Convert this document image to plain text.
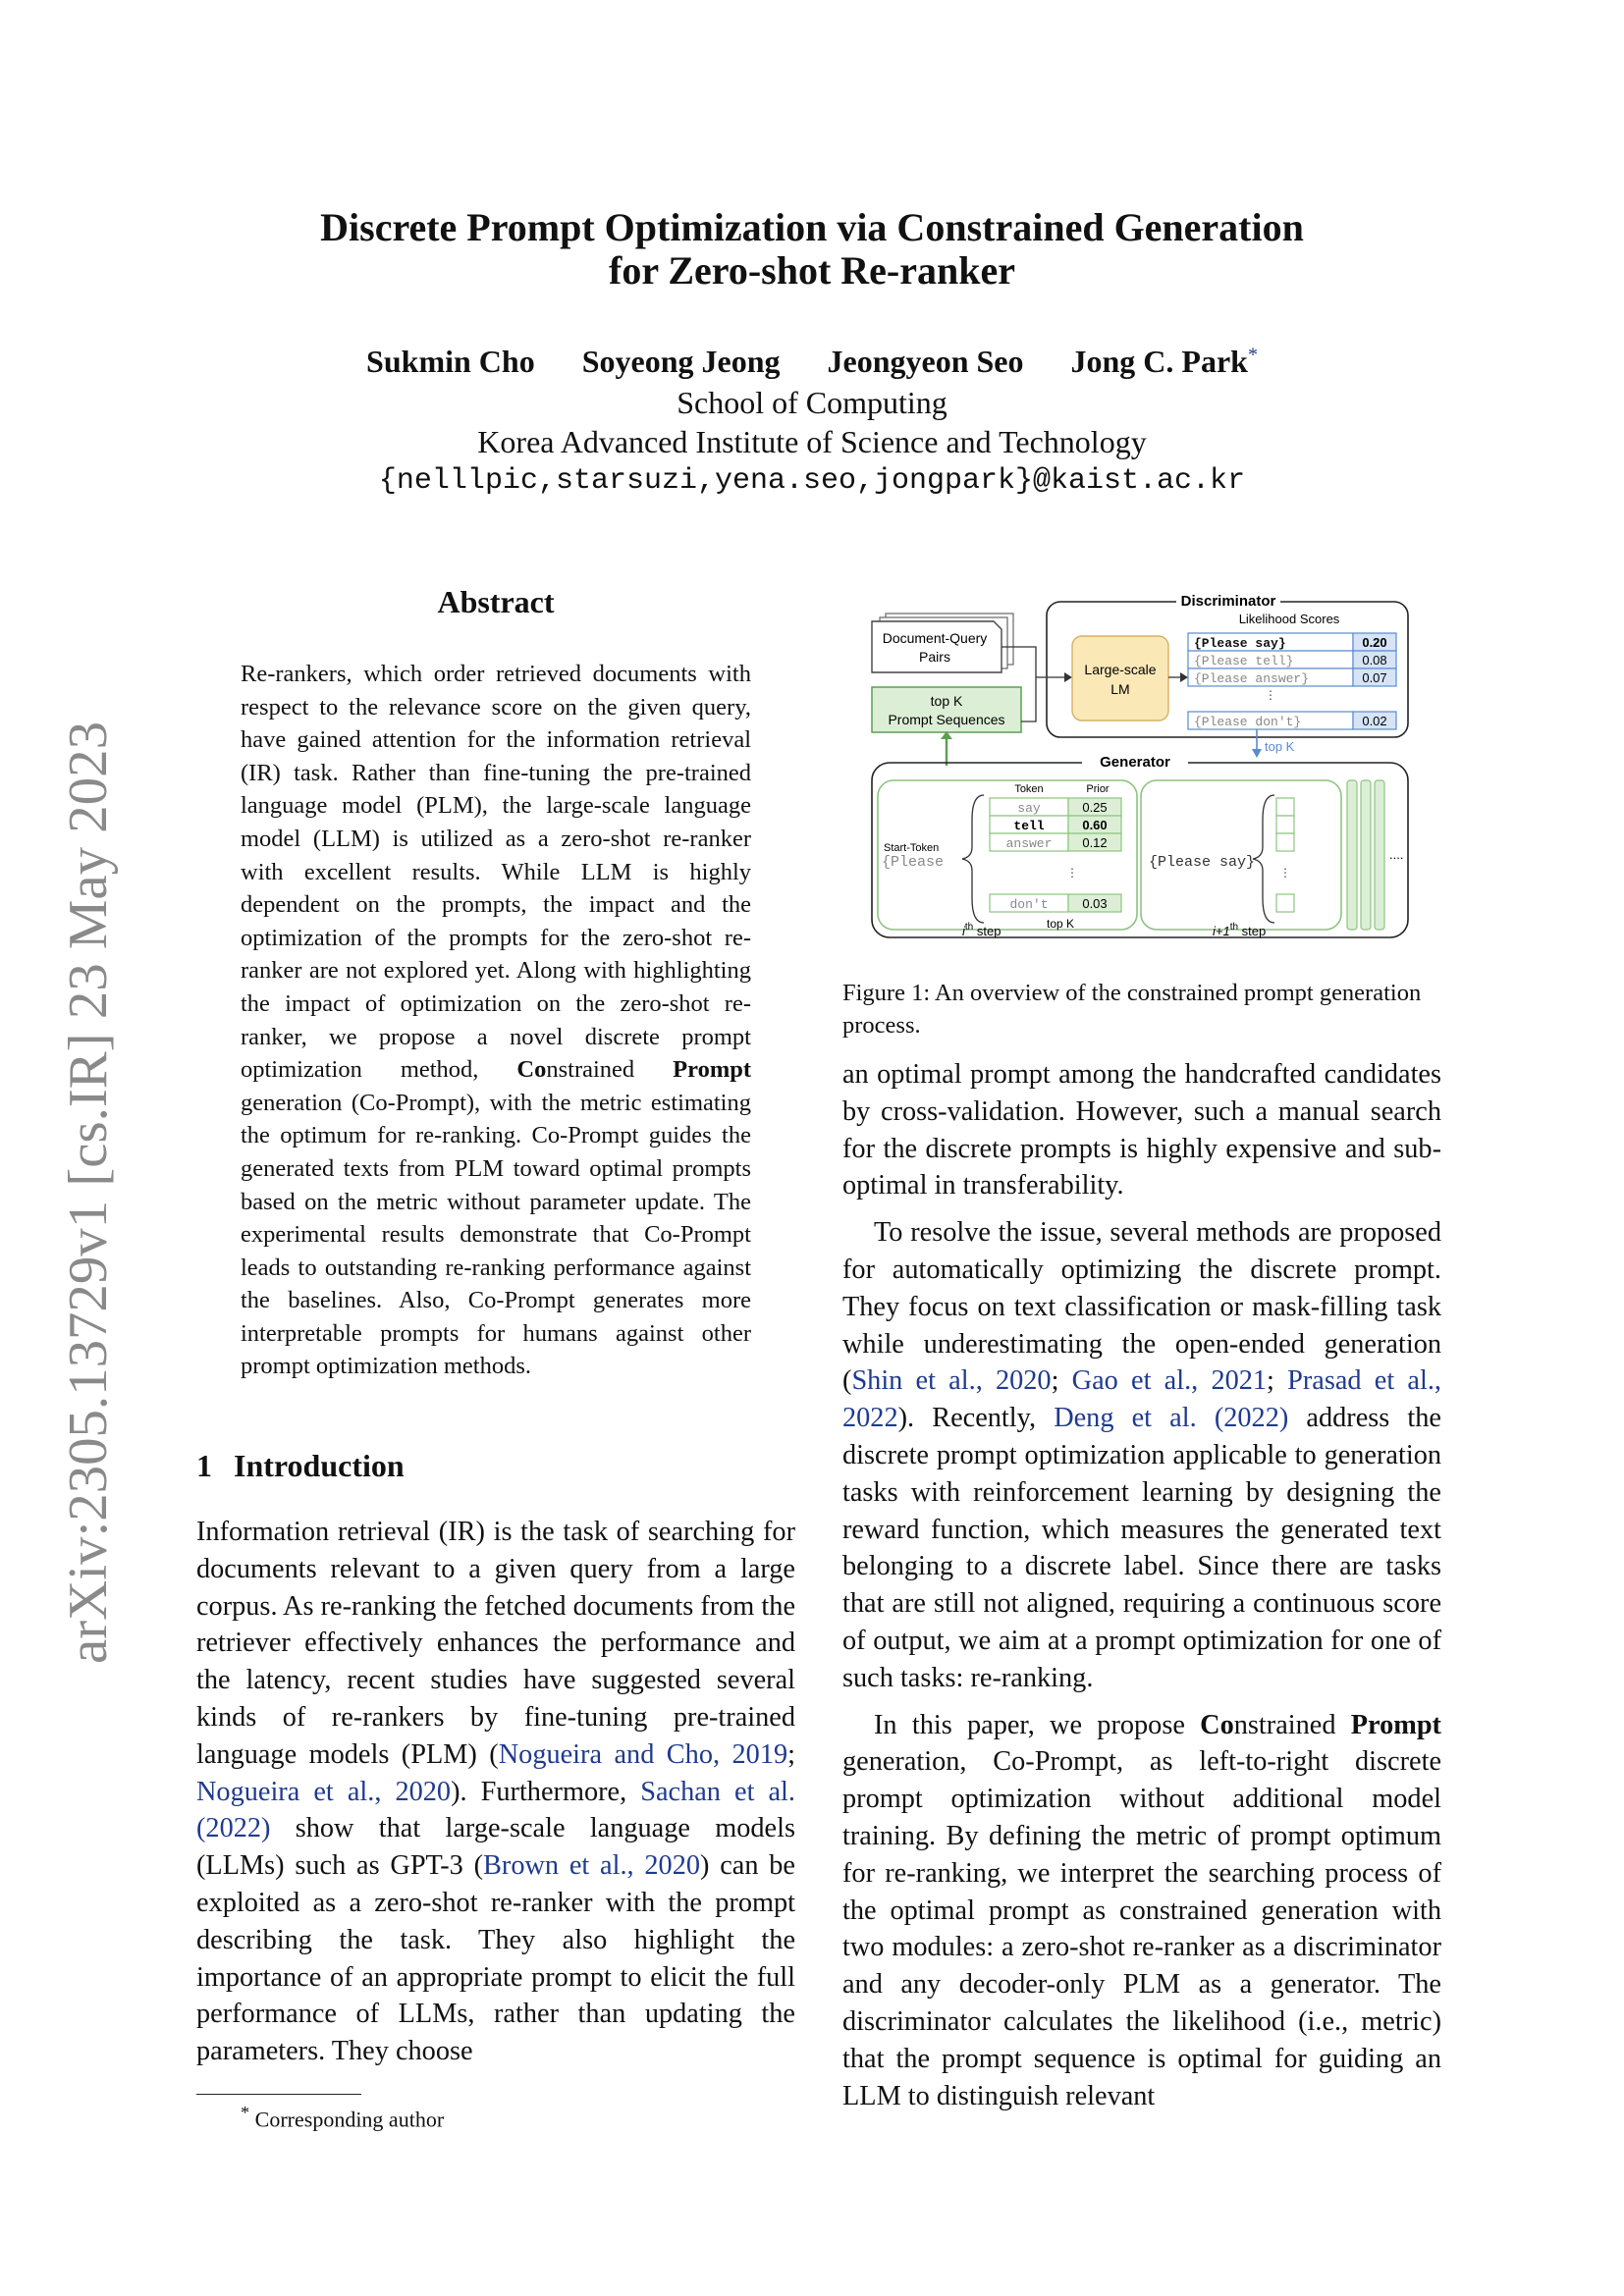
arXiv:2305.13729v1 [cs.IR] 23 May 2023
Discrete Prompt Optimization via Constrained Generation
for Zero-shot Re-ranker
Sukmin Cho Soyeong Jeong Jeongyeon Seo Jong C. Park*
School of Computing
Korea Advanced Institute of Science and Technology
{nelllpic,starsuzi,yena.seo,jongpark}@kaist.ac.kr
Abstract
Re-rankers, which order retrieved documents with respect to the relevance score on the given query, have gained attention for the information retrieval (IR) task. Rather than fine-tuning the pre-trained language model (PLM), the large-scale language model (LLM) is utilized as a zero-shot re-ranker with excellent results. While LLM is highly dependent on the prompts, the impact and the optimization of the prompts for the zero-shot re-ranker are not explored yet. Along with highlighting the impact of optimization on the zero-shot re-ranker, we propose a novel discrete prompt optimization method, Constrained Prompt generation (Co-Prompt), with the metric estimating the optimum for re-ranking. Co-Prompt guides the generated texts from PLM toward optimal prompts based on the metric without parameter update. The experimental results demonstrate that Co-Prompt leads to outstanding re-ranking performance against the baselines. Also, Co-Prompt generates more interpretable prompts for humans against other prompt optimization methods.
1 Introduction

Information retrieval (IR) is the task of searching for documents relevant to a given query from a large corpus. As re-ranking the fetched documents from the retriever effectively enhances the performance and the latency, recent studies have suggested several kinds of re-rankers by fine-tuning pre-trained language models (PLM) (Nogueira and Cho, 2019; Nogueira et al., 2020). Furthermore, Sachan et al. (2022) show that large-scale language models (LLMs) such as GPT-3 (Brown et al., 2020) can be exploited as a zero-shot re-ranker with the prompt describing the task. They also highlight the importance of an appropriate prompt to elicit the full performance of LLMs, rather than updating the parameters. They choose

Document-Query
Pairs
top K
Prompt Sequences
Discriminator
Large-scale
LM
Likelihood Scores
⋮
{Please say}	0.20
{Please tell}	0.08
{Please answer}	0.07
{Please don't}	0.02
top K
Generator
Start-Token
{Please
Token	Prior
⋮
say	0.25
tell	0.60
answer 0.12
don't	0.03
top K
$i^{th}$ step
{Please say}
⋮
i+1th step
....
Figure 1: An overview of the constrained prompt generation process.

an optimal prompt among the handcrafted candidates by cross-validation. However, such a manual search for the discrete prompts is highly expensive and sub-optimal in transferability.

To resolve the issue, several methods are proposed for automatically optimizing the discrete prompt. They focus on text classification or mask-filling task while underestimating the open-ended generation (Shin et al., 2020; Gao et al., 2021; Prasad et al., 2022). Recently, Deng et al. (2022) address the discrete prompt optimization applicable to generation tasks with reinforcement learning by designing the reward function, which measures the generated text belonging to a discrete label. Since there are tasks that are still not aligned, requiring a continuous score of output, we aim at a prompt optimization for one of such tasks: re-ranking.

In this paper, we propose Constrained Prompt generation, Co-Prompt, as left-to-right discrete prompt optimization without additional model training. By defining the metric of prompt optimum for re-ranking, we interpret the searching process of the optimal prompt as constrained generation with two modules: a zero-shot re-ranker as a discriminator and any decoder-only PLM as a generator. The discriminator calculates the likelihood (i.e., metric) that the prompt sequence is optimal for guiding an LLM to distinguish relevant

* Corresponding author
